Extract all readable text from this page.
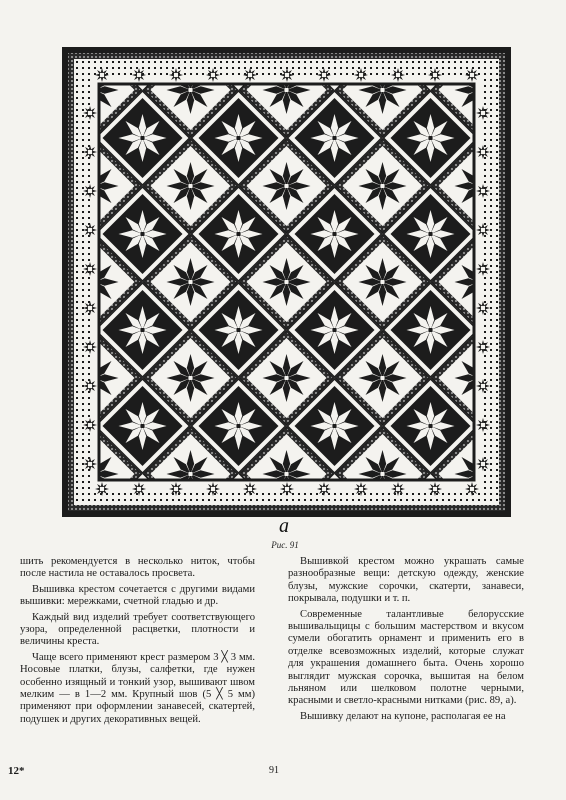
а
Рис. 91

шить рекомендуется в несколько ниток, чтобы после настила не оставалось просвета.

Вышивка крестом сочетается с другими видами вышивки: мережками, счетной гладью и др.

Каждый вид изделий требует соответствующего узора, определенной расцветки, плотности и величины креста.

Чаще всего применяют крест размером 3 ╳ 3 мм. Носовые платки, блузы, салфетки, где нужен особенно изящный и тонкий узор, вышивают швом мелким — в 1—2 мм. Крупный шов (5 ╳ 5 мм) применяют при оформлении занавесей, скатертей, подушек и других декоративных вещей.

Вышивкой крестом можно украшать самые разнообразные вещи: детскую одежду, женские блузы, мужские сорочки, скатерти, занавеси, покрывала, подушки и т. п.

Современные талантливые белорусские вышивальщицы с большим мастерством и вкусом сумели обогатить орнамент и применить его в отделке всевозможных изделий, которые служат для украшения домашнего быта. Очень хорошо выглядит мужская сорочка, вышитая на белом льняном или шелковом полотне черными, красными и светло-красными нитками (рис. 89, а).

Вышивку делают на купоне, располагая ее на

12*	91
